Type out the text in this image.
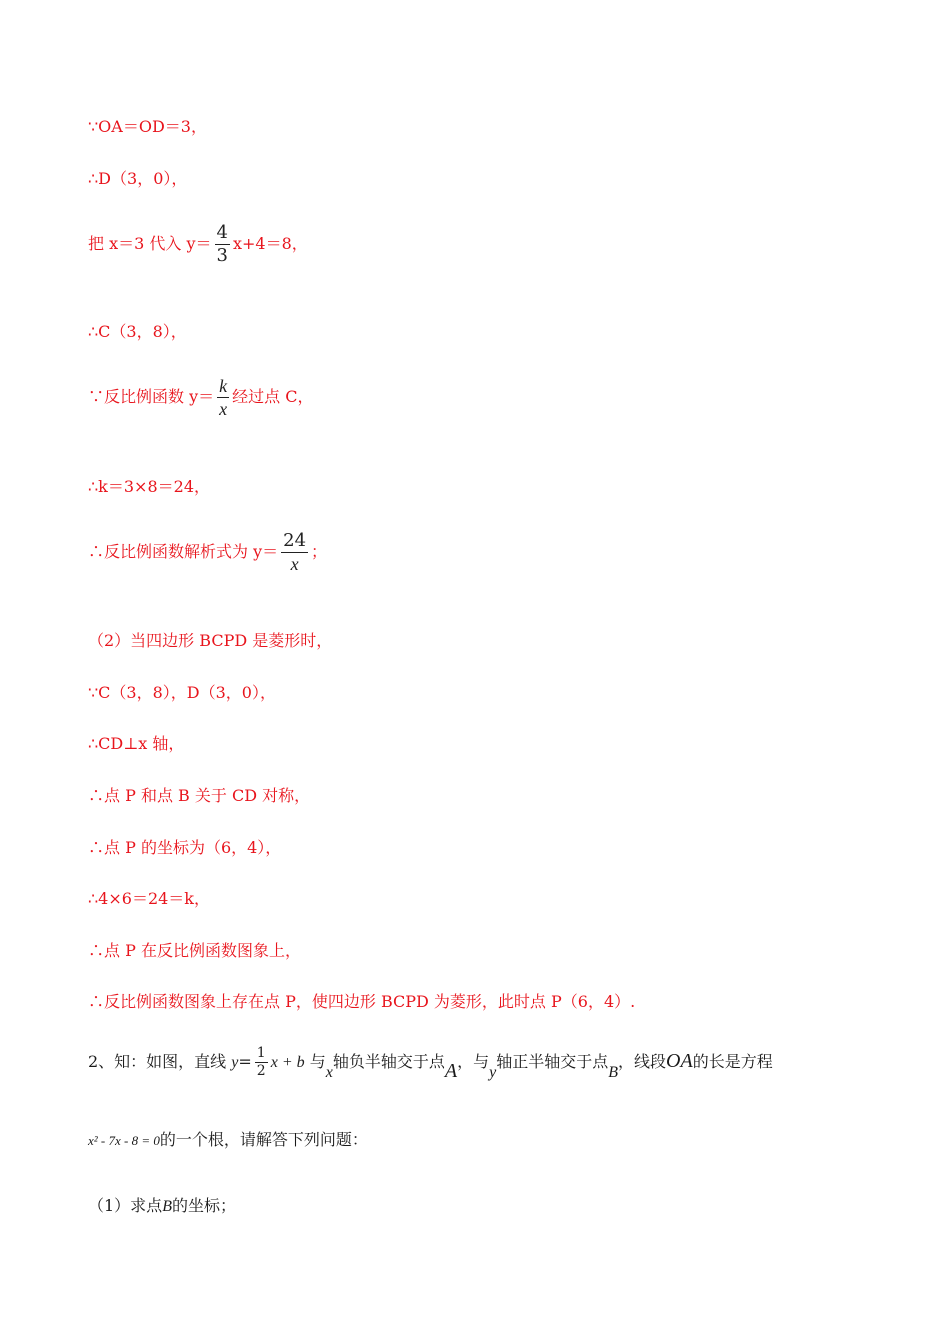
∵OA＝OD＝3，
∴D（3，0），
把 x＝3 代入 $y= \frac{4}{3} x+4=8$，
∴C（3，8），
∵反比例函数 $y= \frac{k}{x}$ 经过点 C，
∴k＝3×8＝24，
∴反比例函数解析式为 $y= \frac{24}{x}$ ；
（2）当四边形 BCPD 是菱形时，
∵C（3，8），D（3，0），
∴CD⊥x 轴，
∴点 P 和点 B 关于 CD 对称，
∴点 P 的坐标为（6，4），
∴4×6＝24＝k，
∴点 P 在反比例函数图象上，
∴反比例函数图象上存在点 P，使四边形 BCPD 为菱形，此时点 P（6，4）.
2、知：如图，直线 $y= \frac{1}{2}$ x + b 与x轴负半轴交于点A，与y轴正半轴交于点B，线段OA的长是方程
x² - 7x - 8 = 0的一个根，请解答下列问题：
（1）求点B的坐标；
